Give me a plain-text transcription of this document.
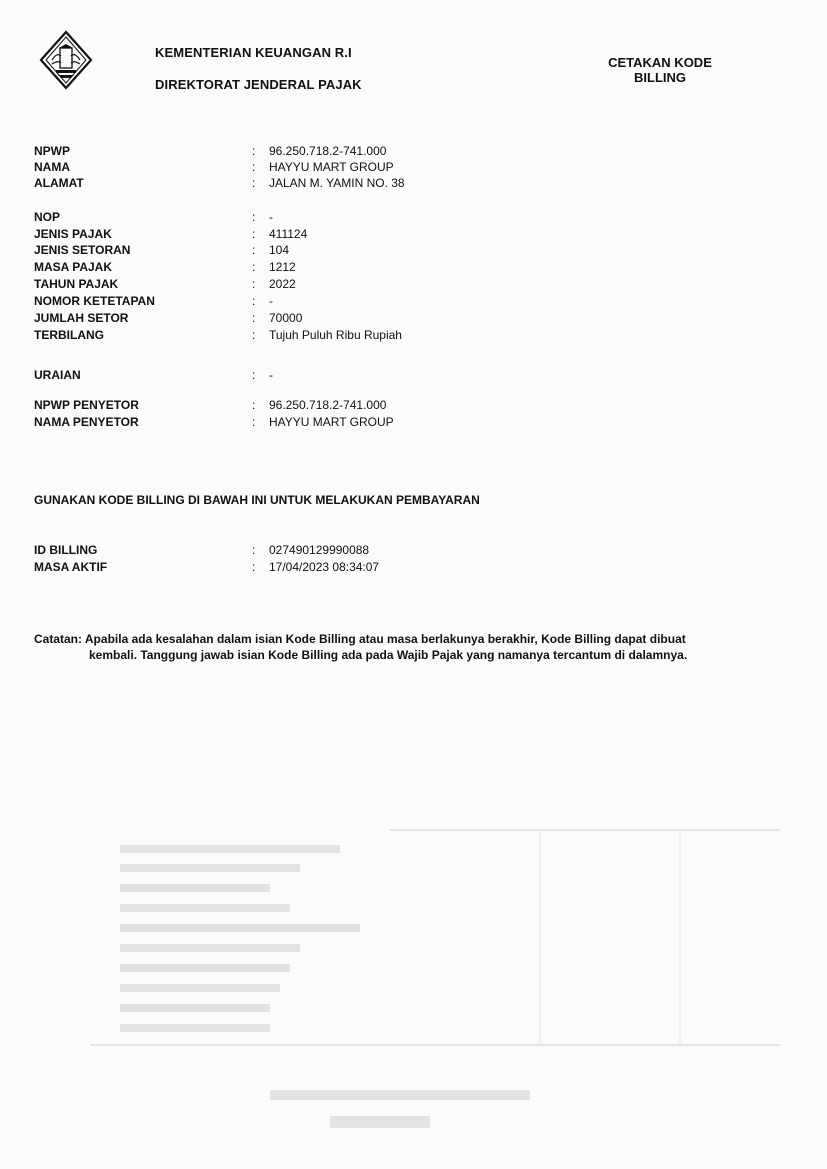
KEMENTERIAN KEUANGAN R.I
DIREKTORAT JENDERAL PAJAK
CETAKAN KODE
BILLING
NPWP	: 96.250.718.2-741.000
NAMA	: HAYYU MART GROUP
ALAMAT	: JALAN M. YAMIN NO. 38
NOP	: -
JENIS PAJAK	: 411124
JENIS SETORAN	: 104
MASA PAJAK	: 1212
TAHUN PAJAK	: 2022
NOMOR KETETAPAN	: -
JUMLAH SETOR	: 70000
TERBILANG	: Tujuh Puluh Ribu Rupiah
URAIAN	: -
NPWP PENYETOR	: 96.250.718.2-741.000
NAMA PENYETOR	: HAYYU MART GROUP
ID BILLING	: 027490129990088
MASA AKTIF	: 17/04/2023 08:34:07
GUNAKAN KODE BILLING DI BAWAH INI UNTUK MELAKUKAN PEMBAYARAN
Catatan: Apabila ada kesalahan dalam isian Kode Billing atau masa berlakunya berakhir, Kode Billing dapat dibuat
kembali. Tanggung jawab isian Kode Billing ada pada Wajib Pajak yang namanya tercantum di dalamnya.
